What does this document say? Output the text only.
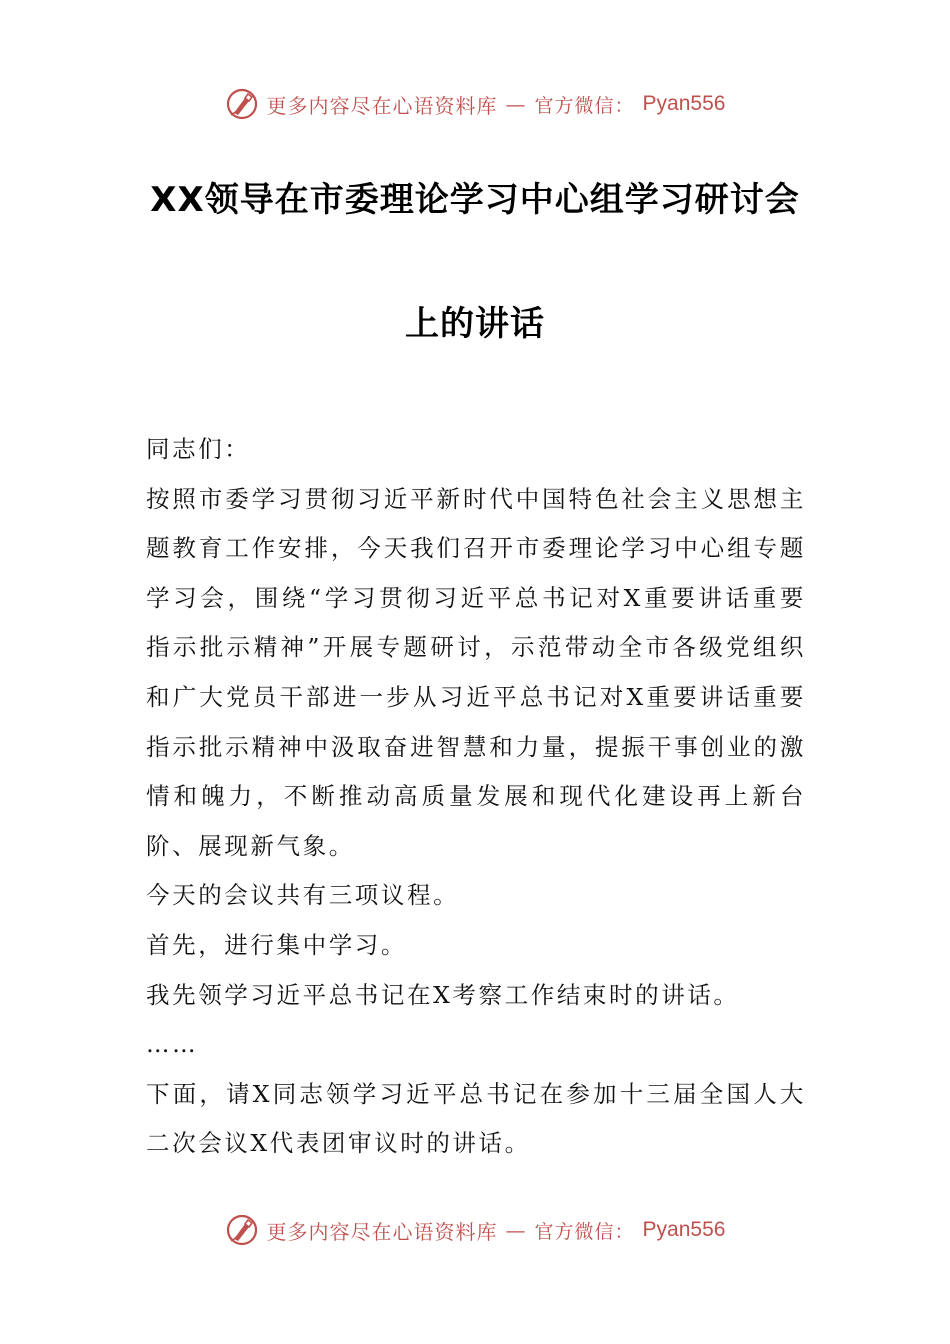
更多内容尽在心语资料库 — 官方微信： Pyan556
XX领导在市委理论学习中心组学习研讨会
上的讲话

同志们：

按照市委学习贯彻习近平新时代中国特色社会主义思想主题教育工作安排，今天我们召开市委理论学习中心组专题学习会，围绕“学习贯彻习近平总书记对X重要讲话重要指示批示精神”开展专题研讨，示范带动全市各级党组织和广大党员干部进一步从习近平总书记对X重要讲话重要指示批示精神中汲取奋进智慧和力量，提振干事创业的激情和魄力，不断推动高质量发展和现代化建设再上新台阶、展现新气象。

今天的会议共有三项议程。

首先，进行集中学习。

我先领学习近平总书记在X考察工作结束时的讲话。

……

下面，请X同志领学习近平总书记在参加十三届全国人大二次会议X代表团审议时的讲话。

更多内容尽在心语资料库 — 官方微信： Pyan556
